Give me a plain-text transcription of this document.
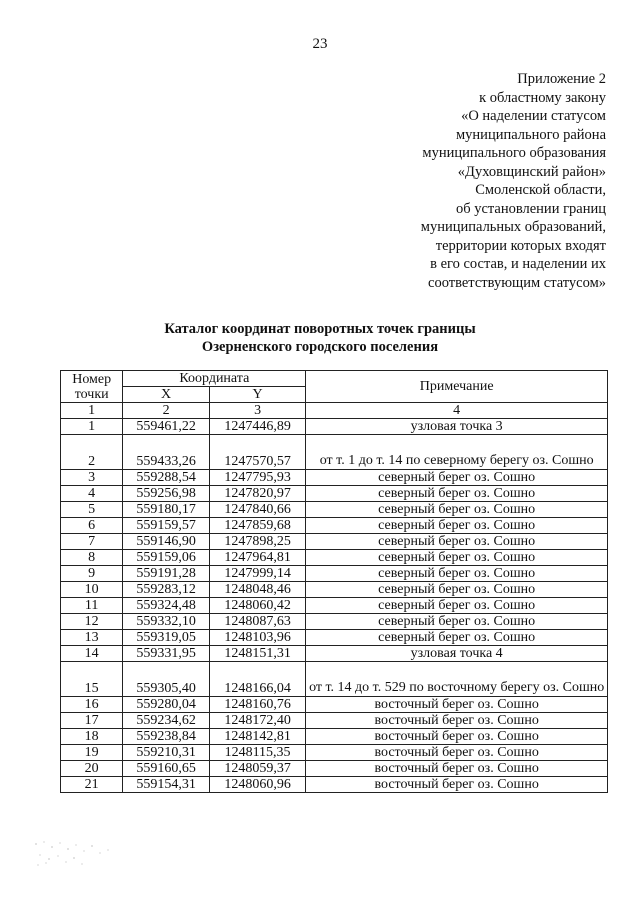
23
Приложение 2
к областному закону
«О наделении статусом
муниципального района
муниципального образования
«Духовщинский район»
Смоленской области,
об установлении границ
муниципальных образований,
территории которых входят
в его состав, и наделении их
соответствующим статусом»
Каталог координат поворотных точек границы
Озерненского городского поселения
Номер	Координата		Примечание
точки	X	Y	
1	2	3	4
1	559461,22	1247446,89	узловая точка 3
2	559433,26	1247570,57	от т. 1 до т. 14 по северному берегу оз. Сошно
3	559288,54	1247795,93	северный берег оз. Сошно
4	559256,98	1247820,97	северный берег оз. Сошно
5	559180,17	1247840,66	северный берег оз. Сошно
6	559159,57	1247859,68	северный берег оз. Сошно
7	559146,90	1247898,25	северный берег оз. Сошно
8	559159,06	1247964,81	северный берег оз. Сошно
9	559191,28	1247999,14	северный берег оз. Сошно
10	559283,12	1248048,46	северный берег оз. Сошно
11	559324,48	1248060,42	северный берег оз. Сошно
12	559332,10	1248087,63	северный берег оз. Сошно
13	559319,05	1248103,96	северный берег оз. Сошно
14	559331,95	1248151,31	узловая точка 4
15	559305,40	1248166,04	от т. 14 до т. 529 по восточному берегу оз. Сошно
16	559280,04	1248160,76	восточный берег оз. Сошно
17	559234,62	1248172,40	восточный берег оз. Сошно
18	559238,84	1248142,81	восточный берег оз. Сошно
19	559210,31	1248115,35	восточный берег оз. Сошно
20	559160,65	1248059,37	восточный берег оз. Сошно
21	559154,31	1248060,96	восточный берег оз. Сошно
